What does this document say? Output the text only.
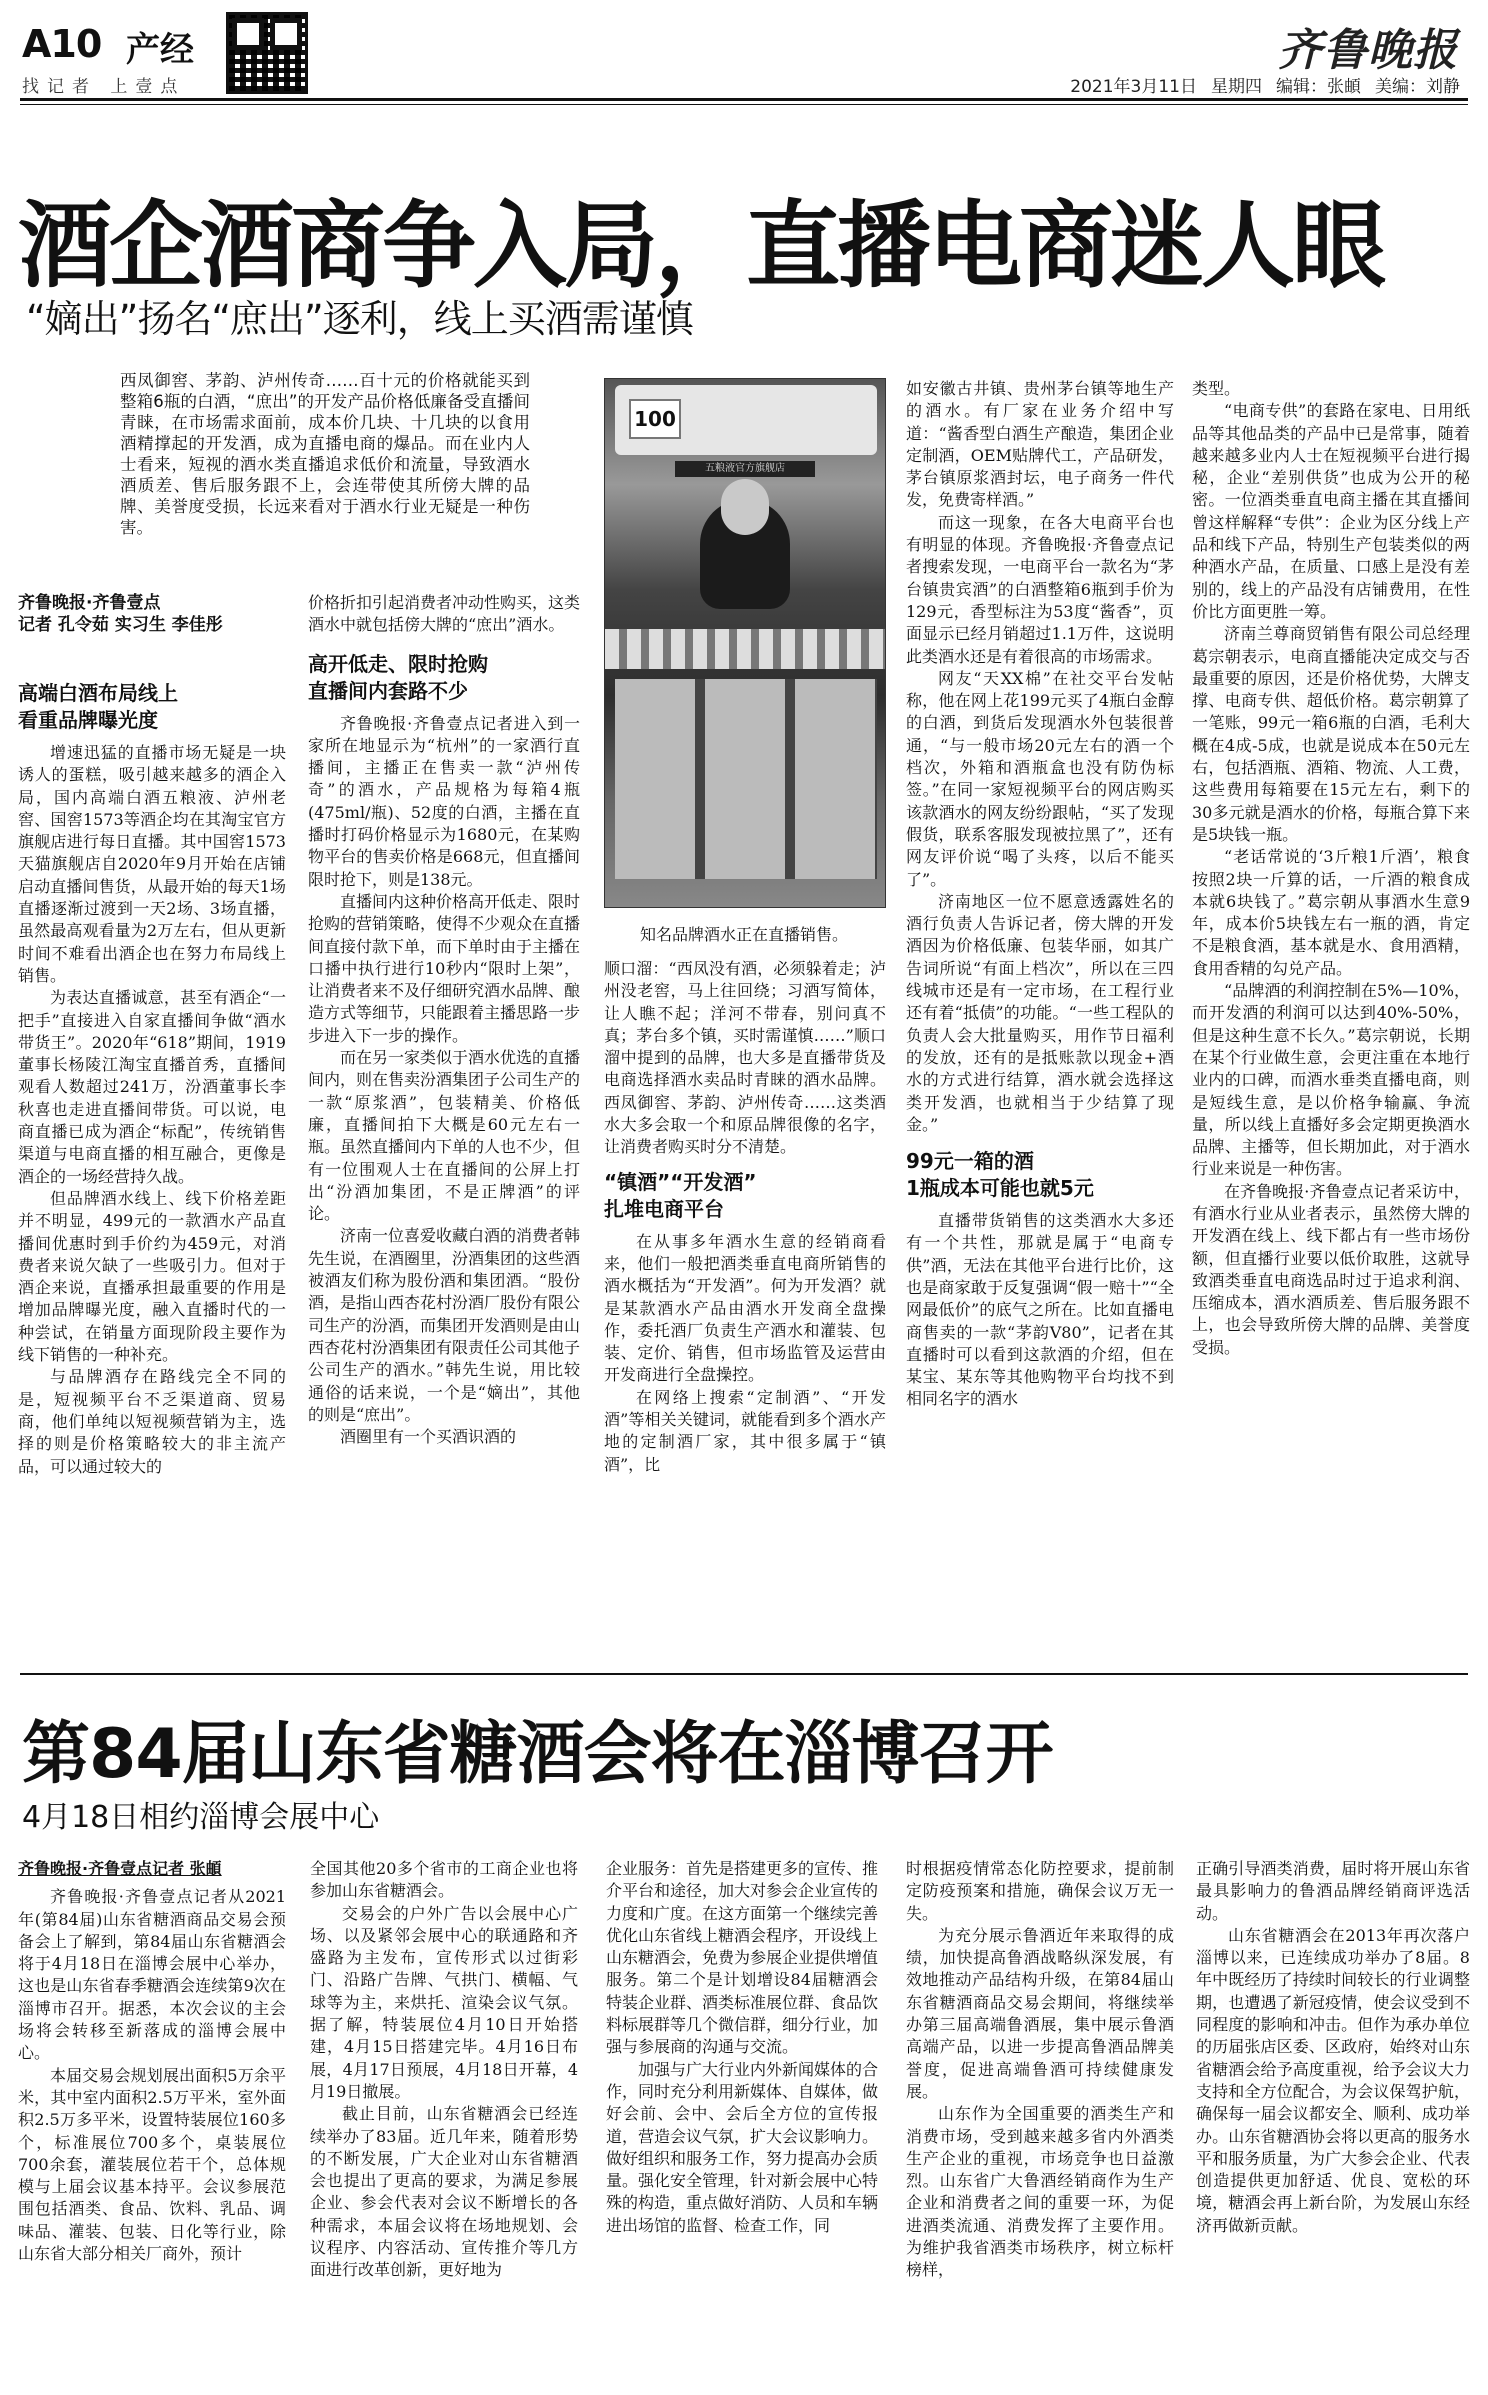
A10 产经
找记者 上壹点
齐鲁晚报
2021年3月11日 星期四 编辑：张頔 美编：刘静
酒企酒商争入局，直播电商迷人眼
“嫡出”扬名“庶出”逐利，线上买酒需谨慎
西凤御窖、茅韵、泸州传奇……百十元的价格就能买到整箱6瓶的白酒，“庶出”的开发产品价格低廉备受直播间青睐，在市场需求面前，成本价几块、十几块的以食用酒精撑起的开发酒，成为直播电商的爆品。而在业内人士看来，短视的酒水类直播追求低价和流量，导致酒水酒质差、售后服务跟不上，会连带使其所傍大牌的品牌、美誉度受损，长远来看对于酒水行业无疑是一种伤害。
齐鲁晚报·齐鲁壹点
记者 孔令茹 实习生 李佳彤
高端白酒布局线上
看重品牌曝光度

增速迅猛的直播市场无疑是一块诱人的蛋糕，吸引越来越多的酒企入局，国内高端白酒五粮液、泸州老窖、国窖1573等酒企均在其淘宝官方旗舰店进行每日直播。其中国窖1573天猫旗舰店自2020年9月开始在店铺启动直播间售货，从最开始的每天1场直播逐渐过渡到一天2场、3场直播，虽然最高观看量为2万左右，但从更新时间不难看出酒企也在努力布局线上销售。

为表达直播诚意，甚至有酒企“一把手”直接进入自家直播间争做“酒水带货王”。2020年“618”期间，1919董事长杨陵江淘宝直播首秀，直播间观看人数超过241万，汾酒董事长李秋喜也走进直播间带货。可以说，电商直播已成为酒企“标配”，传统销售渠道与电商直播的相互融合，更像是酒企的一场经营持久战。

但品牌酒水线上、线下价格差距并不明显，499元的一款酒水产品直播间优惠时到手价约为459元，对消费者来说欠缺了一些吸引力。但对于酒企来说，直播承担最重要的作用是增加品牌曝光度，融入直播时代的一种尝试，在销量方面现阶段主要作为线下销售的一种补充。

与品牌酒存在路线完全不同的是，短视频平台不乏渠道商、贸易商，他们单纯以短视频营销为主，选择的则是价格策略较大的非主流产品，可以通过较大的

价格折扣引起消费者冲动性购买，这类酒水中就包括傍大牌的“庶出”酒水。
高开低走、限时抢购
直播间内套路不少

齐鲁晚报·齐鲁壹点记者进入到一家所在地显示为“杭州”的一家酒行直播间，主播正在售卖一款“泸州传奇”的酒水，产品规格为每箱4瓶(475ml/瓶)、52度的白酒，主播在直播时打码价格显示为1680元，在某购物平台的售卖价格是668元，但直播间限时抢下，则是138元。

直播间内这种价格高开低走、限时抢购的营销策略，使得不少观众在直播间直接付款下单，而下单时由于主播在口播中执行进行10秒内“限时上架”，让消费者来不及仔细研究酒水品牌、酿造方式等细节，只能跟着主播思路一步步进入下一步的操作。

而在另一家类似于酒水优选的直播间内，则在售卖汾酒集团子公司生产的一款“原浆酒”，包装精美、价格低廉，直播间拍下大概是60元左右一瓶。虽然直播间内下单的人也不少，但有一位围观人士在直播间的公屏上打出“汾酒加集团，不是正牌酒”的评论。

济南一位喜爱收藏白酒的消费者韩先生说，在酒圈里，汾酒集团的这些酒被酒友们称为股份酒和集团酒。“股份酒，是指山西杏花村汾酒厂股份有限公司生产的汾酒，而集团开发酒则是由山西杏花村汾酒集团有限责任公司其他子公司生产的酒水。”韩先生说，用比较通俗的话来说，一个是“嫡出”，其他的则是“庶出”。

酒圈里有一个买酒识酒的

100
五粮液官方旗舰店
知名品牌酒水正在直播销售。
顺口溜：“西凤没有酒，必须躲着走；泸州没老窖，马上往回绕；习酒写简体，让人瞧不起；洋河不带春，别问真不真；茅台多个镇，买时需谨慎……”顺口溜中提到的品牌，也大多是直播带货及电商选择酒水卖品时青睐的酒水品牌。西凤御窖、茅韵、泸州传奇……这类酒水大多会取一个和原品牌很像的名字，让消费者购买时分不清楚。
“镇酒”“开发酒”
扎堆电商平台

在从事多年酒水生意的经销商看来，他们一般把酒类垂直电商所销售的酒水概括为“开发酒”。何为开发酒？就是某款酒水产品由酒水开发商全盘操作，委托酒厂负责生产酒水和灌装、包装、定价、销售，但市场监管及运营由开发商进行全盘操控。

在网络上搜索“定制酒”、“开发酒”等相关关键词，就能看到多个酒水产地的定制酒厂家，其中很多属于“镇酒”，比

如安徽古井镇、贵州茅台镇等地生产的酒水。有厂家在业务介绍中写道：“酱香型白酒生产酿造，集团企业定制酒，OEM贴牌代工，产品研发，茅台镇原浆酒封坛，电子商务一件代发，免费寄样酒。”

而这一现象，在各大电商平台也有明显的体现。齐鲁晚报·齐鲁壹点记者搜索发现，一电商平台一款名为“茅台镇贵宾酒”的白酒整箱6瓶到手价为129元，香型标注为53度“酱香”，页面显示已经月销超过1.1万件，这说明此类酒水还是有着很高的市场需求。

网友“天XX棉”在社交平台发帖称，他在网上花199元买了4瓶白金醇的白酒，到货后发现酒水外包装很普通，“与一般市场20元左右的酒一个档次，外箱和酒瓶盒也没有防伪标签。”在同一家短视频平台的网店购买该款酒水的网友纷纷跟帖，“买了发现假货，联系客服发现被拉黑了”，还有网友评价说“喝了头疼，以后不能买了”。

济南地区一位不愿意透露姓名的酒行负责人告诉记者，傍大牌的开发酒因为价格低廉、包装华丽，如其广告词所说“有面上档次”，所以在三四线城市还是有一定市场，在工程行业还有着“抵债”的功能。“一些工程队的负责人会大批量购买，用作节日福利的发放，还有的是抵账款以现金+酒水的方式进行结算，酒水就会选择这类开发酒，也就相当于少结算了现金。”

99元一箱的酒
1瓶成本可能也就5元

直播带货销售的这类酒水大多还有一个共性，那就是属于“电商专供”酒，无法在其他平台进行比价，这也是商家敢于反复强调“假一赔十”“全网最低价”的底气之所在。比如直播电商售卖的一款“茅韵V80”，记者在其直播时可以看到这款酒的介绍，但在某宝、某东等其他购物平台均找不到相同名字的酒水

类型。

“电商专供”的套路在家电、日用纸品等其他品类的产品中已是常事，随着越来越多业内人士在短视频平台进行揭秘，企业“差别供货”也成为公开的秘密。一位酒类垂直电商主播在其直播间曾这样解释“专供”：企业为区分线上产品和线下产品，特别生产包装类似的两种酒水产品，在质量、口感上是没有差别的，线上的产品没有店铺费用，在性价比方面更胜一筹。

济南兰尊商贸销售有限公司总经理葛宗朝表示，电商直播能决定成交与否最重要的原因，还是价格优势，大牌支撑、电商专供、超低价格。葛宗朝算了一笔账，99元一箱6瓶的白酒，毛利大概在4成-5成，也就是说成本在50元左右，包括酒瓶、酒箱、物流、人工费，这些费用每箱要在15元左右，剩下的30多元就是酒水的价格，每瓶合算下来是5块钱一瓶。

“老话常说的‘3斤粮1斤酒’，粮食按照2块一斤算的话，一斤酒的粮食成本就6块钱了。”葛宗朝从事酒水生意9年，成本价5块钱左右一瓶的酒，肯定不是粮食酒，基本就是水、食用酒精，食用香精的勾兑产品。

“品牌酒的利润控制在5%—10%，而开发酒的利润可以达到40%-50%，但是这种生意不长久。”葛宗朝说，长期在某个行业做生意，会更注重在本地行业内的口碑，而酒水垂类直播电商，则是短线生意，是以价格争输赢、争流量，所以线上直播好多会定期更换酒水品牌、主播等，但长期加此，对于酒水行业来说是一种伤害。

在齐鲁晚报·齐鲁壹点记者采访中，有酒水行业从业者表示，虽然傍大牌的开发酒在线上、线下都占有一些市场份额，但直播行业要以低价取胜，这就导致酒类垂直电商选品时过于追求利润、压缩成本，酒水酒质差、售后服务跟不上，也会导致所傍大牌的品牌、美誉度受损。

第84届山东省糖酒会将在淄博召开
4月18日相约淄博会展中心
齐鲁晚报·齐鲁壹点记者 张頔

齐鲁晚报·齐鲁壹点记者从2021年(第84届)山东省糖酒商品交易会预备会上了解到，第84届山东省糖酒会将于4月18日在淄博会展中心举办，这也是山东省春季糖酒会连续第9次在淄博市召开。据悉，本次会议的主会场将会转移至新落成的淄博会展中心。

本届交易会规划展出面积5万余平米，其中室内面积2.5万平米，室外面积2.5万多平米，设置特装展位160多个，标准展位700多个，桌装展位700余套，灌装展位若干个，总体规模与上届会议基本持平。会议参展范围包括酒类、食品、饮料、乳品、调味品、灌装、包装、日化等行业，除山东省大部分相关厂商外，预计

全国其他20多个省市的工商企业也将参加山东省糖酒会。

交易会的户外广告以会展中心广场、以及紧邻会展中心的联通路和齐盛路为主发布，宣传形式以过街彩门、沿路广告牌、气拱门、横幅、气球等为主，来烘托、渲染会议气氛。据了解，特装展位4月10日开始搭建，4月15日搭建完毕。4月16日布展，4月17日预展，4月18日开幕，4月19日撤展。

截止目前，山东省糖酒会已经连续举办了83届。近几年来，随着形势的不断发展，广大企业对山东省糖酒会也提出了更高的要求，为满足参展企业、参会代表对会议不断增长的各种需求，本届会议将在场地规划、会议程序、内容活动、宣传推介等几方面进行改革创新，更好地为

企业服务：首先是搭建更多的宣传、推介平台和途径，加大对参会企业宣传的力度和广度。在这方面第一个继续完善优化山东省线上糖酒会程序，开设线上山东糖酒会，免费为参展企业提供增值服务。第二个是计划增设84届糖酒会特装企业群、酒类标准展位群、食品饮料标展群等几个微信群，细分行业，加强与参展商的沟通与交流。

加强与广大行业内外新闻媒体的合作，同时充分利用新媒体、自媒体，做好会前、会中、会后全方位的宣传报道，营造会议气氛，扩大会议影响力。做好组织和服务工作，努力提高办会质量。强化安全管理，针对新会展中心特殊的构造，重点做好消防、人员和车辆进出场馆的监督、检查工作，同

时根据疫情常态化防控要求，提前制定防疫预案和措施，确保会议万无一失。

为充分展示鲁酒近年来取得的成绩，加快提高鲁酒战略纵深发展，有效地推动产品结构升级，在第84届山东省糖酒商品交易会期间，将继续举办第三届高端鲁酒展，集中展示鲁酒高端产品，以进一步提高鲁酒品牌美誉度，促进高端鲁酒可持续健康发展。

山东作为全国重要的酒类生产和消费市场，受到越来越多省内外酒类生产企业的重视，市场竞争也日益激烈。山东省广大鲁酒经销商作为生产企业和消费者之间的重要一环，为促进酒类流通、消费发挥了主要作用。为维护我省酒类市场秩序，树立标杆榜样，

正确引导酒类消费，届时将开展山东省最具影响力的鲁酒品牌经销商评选活动。

山东省糖酒会在2013年再次落户淄博以来，已连续成功举办了8届。8年中既经历了持续时间较长的行业调整期，也遭遇了新冠疫情，使会议受到不同程度的影响和冲击。但作为承办单位的历届张店区委、区政府，始终对山东省糖酒会给予高度重视，给予会议大力支持和全方位配合，为会议保驾护航，确保每一届会议都安全、顺利、成功举办。山东省糖酒协会将以更高的服务水平和服务质量，为广大参会企业、代表创造提供更加舒适、优良、宽松的环境，糖酒会再上新台阶，为发展山东经济再做新贡献。
